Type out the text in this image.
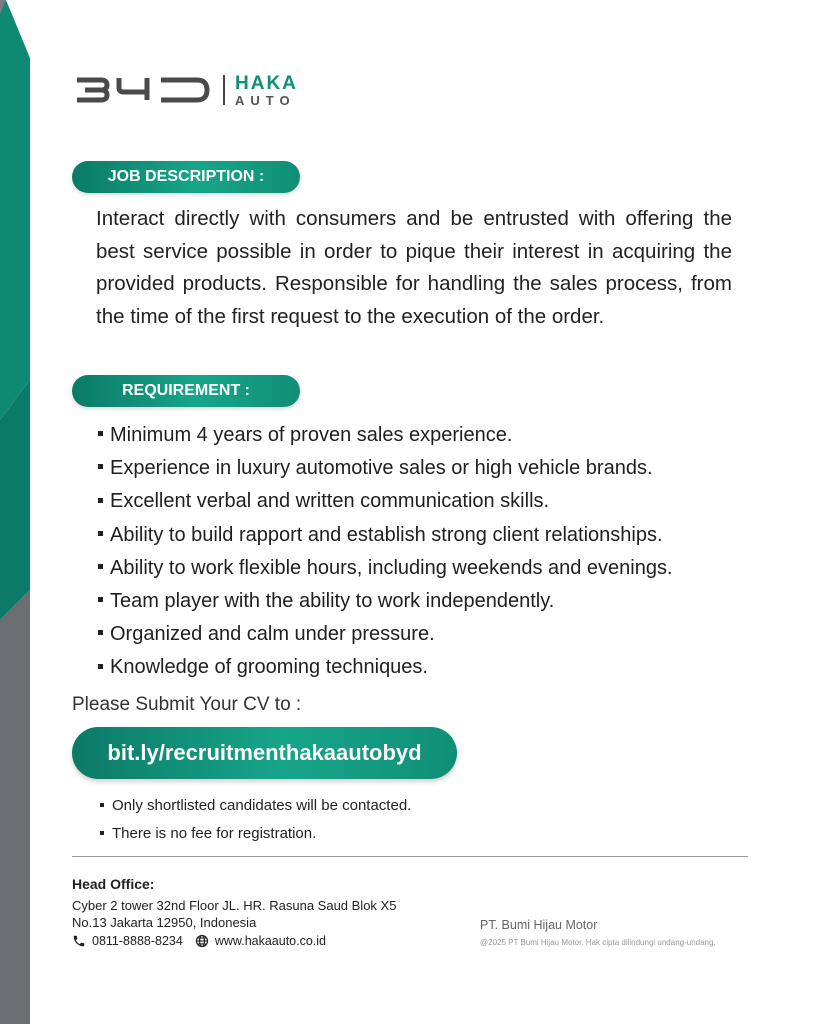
HAKA
AUTO
JOB DESCRIPTION :

Interact directly with consumers and be entrusted with offering the best service possible in order to pique their interest in acquiring the provided products. Responsible for handling the sales process, from the time of the first request to the execution of the order.

REQUIREMENT :
Minimum 4 years of proven sales experience.
Experience in luxury automotive sales or high vehicle brands.
Excellent verbal and written communication skills.
Ability to build rapport and establish strong client relationships.
Ability to work flexible hours, including weekends and evenings.
Team player with the ability to work independently.
Organized and calm under pressure.
Knowledge of grooming techniques.

Please Submit Your CV to :

bit.ly/recruitmenthakaautobyd
Only shortlisted candidates will be contacted.
There is no fee for registration.
Head Office:
Cyber 2 tower 32nd Floor JL. HR. Rasuna Saud Blok X5 No.13 Jakarta 12950, Indonesia
0811-8888-8234	www.hakaauto.co.id
PT. Bumi Hijau Motor
@2025 PT Bumi Hijau Motor. Hak cipta dilindungi undang-undang.
